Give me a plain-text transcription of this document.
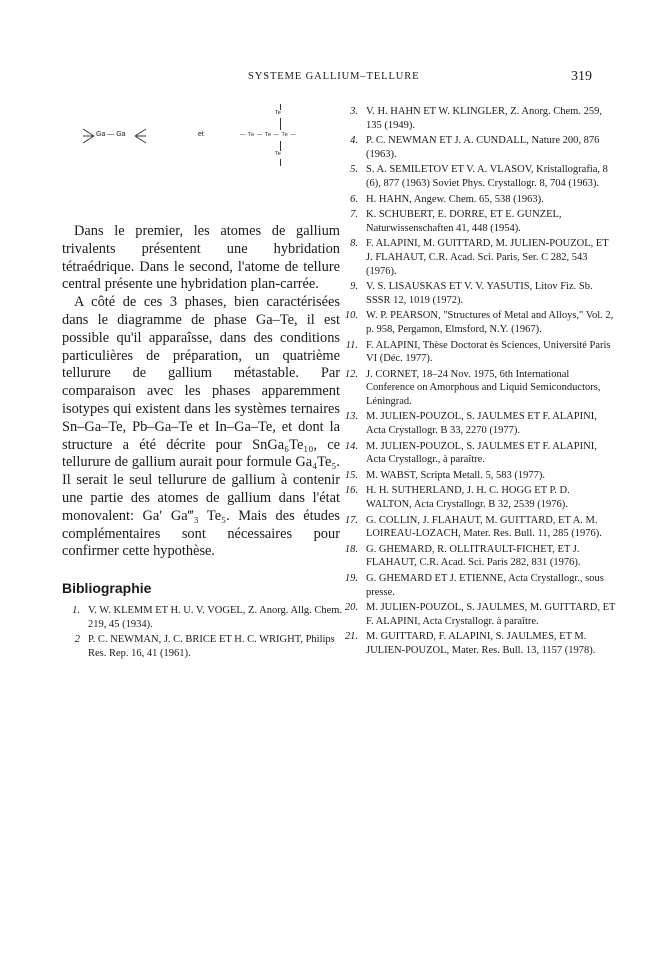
SYSTEME GALLIUM–TELLURE	319
Ga — Ga	et
Te
— Te — Te — Te —
Te

Dans le premier, les atomes de gallium trivalents présentent une hybridation tétraédrique. Dans le second, l'atome de tellure central présente une hybridation plan-carrée.

A côté de ces 3 phases, bien caractérisées dans le diagramme de phase Ga–Te, il est possible qu'il apparaîsse, dans des conditions particulières de préparation, un quatrième tellurure de gallium métastable. Par comparaison avec les phases apparemment isotypes qui existent dans les systèmes ternaires Sn–Ga–Te, Pb–Ga–Te et In–Ga–Te, et dont la structure a été décrite pour SnGa₆Te₁₀, ce tellurure de gallium aurait pour formule Ga₄Te₅. Il serait le seul tellurure de gallium à contenir une partie des atomes de gallium dans l'état monovalent: Ga′ Ga‴₃ Te₅. Mais des études complémentaires sont nécessaires pour confirmer cette hypothèse.

Bibliographie
1. V. W. KLEMM ET H. U. V. VOGEL, Z. Anorg. Allg. Chem. 219, 45 (1934).
2 P. C. NEWMAN, J. C. BRICE ET H. C. WRIGHT, Philips Res. Rep. 16, 41 (1961).
3. V. H. HAHN ET W. KLINGLER, Z. Anorg. Chem. 259, 135 (1949).
4. P. C. NEWMAN ET J. A. CUNDALL, Nature 200, 876 (1963).
5. S. A. SEMILETOV ET V. A. VLASOV, Kristallografia, 8 (6), 877 (1963) Soviet Phys. Crystallogr. 8, 704 (1963).
6. H. HAHN, Angew. Chem. 65, 538 (1963).
7. K. SCHUBERT, E. DORRE, ET E. GUNZEL, Naturwissenschaften 41, 448 (1954).
8. F. ALAPINI, M. GUITTARD, M. JULIEN-POUZOL, ET J. FLAHAUT, C.R. Acad. Sci. Paris, Ser. C 282, 543 (1976).
9. V. S. LISAUSKAS ET V. V. YASUTIS, Litov Fiz. Sb. SSSR 12, 1019 (1972).
10. W. P. PEARSON, "Structures of Metal and Alloys," Vol. 2, p. 958, Pergamon, Elmsford, N.Y. (1967).
11. F. ALAPINI, Thèse Doctorat ès Sciences, Université Paris VI (Déc. 1977).
12. J. CORNET, 18–24 Nov. 1975, 6th International Conference on Amorphous and Liquid Semiconductors, Léningrad.
13. M. JULIEN-POUZOL, S. JAULMES ET F. ALAPINI, Acta Crystallogr. B 33, 2270 (1977).
14. M. JULIEN-POUZOL, S. JAULMES ET F. ALAPINI, Acta Crystallogr., à paraître.
15. M. WABST, Scripta Metall. 5, 583 (1977).
16. H. H. SUTHERLAND, J. H. C. HOGG ET P. D. WALTON, Acta Crystallogr. B 32, 2539 (1976).
17. G. COLLIN, J. FLAHAUT, M. GUITTARD, ET A. M. LOIREAU-LOZACH, Mater. Res. Bull. 11, 285 (1976).
18. G. GHEMARD, R. OLLITRAULT-FICHET, ET J. FLAHAUT, C.R. Acad. Sci. Paris 282, 831 (1976).
19. G. GHEMARD ET J. ETIENNE, Acta Crystallogr., sous presse.
20. M. JULIEN-POUZOL, S. JAULMES, M. GUITTARD, ET F. ALAPINI, Acta Crystallogr. à paraître.
21. M. GUITTARD, F. ALAPINI, S. JAULMES, ET M. JULIEN-POUZOL, Mater. Res. Bull. 13, 1157 (1978).
